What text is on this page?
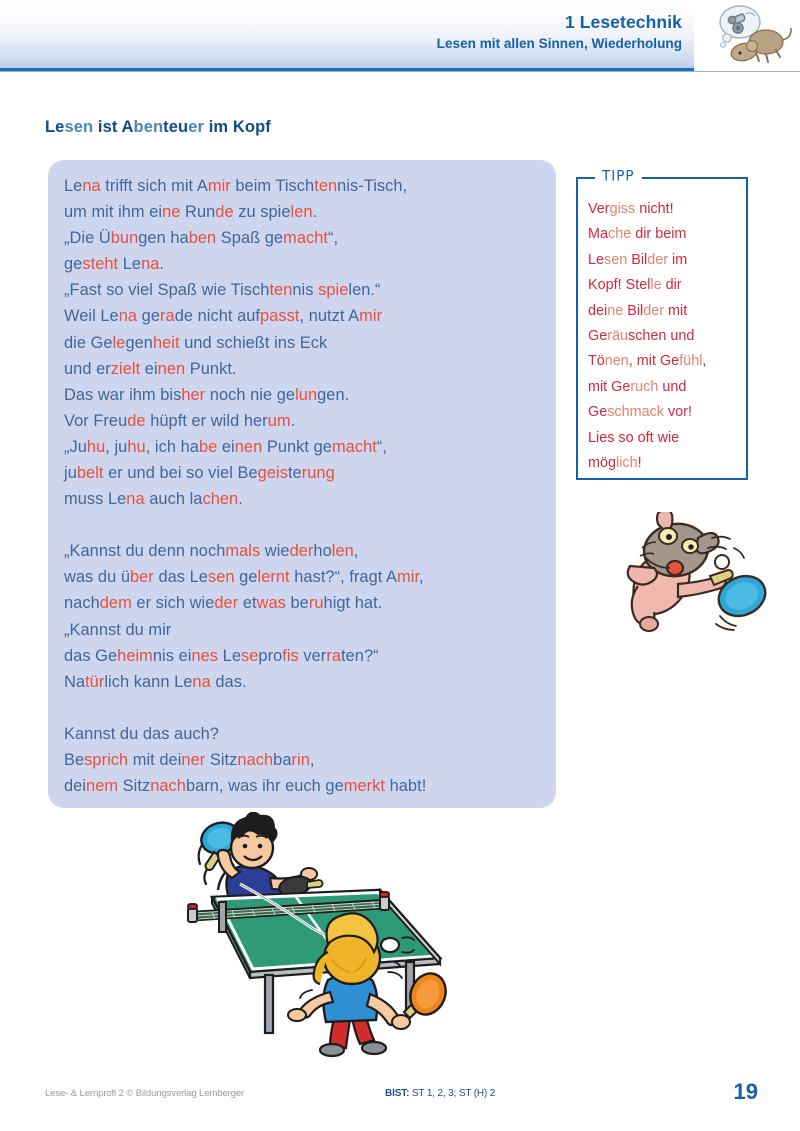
1 Lesetechnik
Lesen mit allen Sinnen, Wiederholung
Lesen ist Abenteuer im Kopf
Lena trifft sich mit Amir beim Tischtennis-Tisch,
um mit ihm eine Runde zu spielen.
„Die Übungen haben Spaß gemacht“,
gesteht Lena.
„Fast so viel Spaß wie Tischtennis spielen.“
Weil Lena gerade nicht aufpasst, nutzt Amir
die Gelegenheit und schießt ins Eck
und erzielt einen Punkt.
Das war ihm bisher noch nie gelungen.
Vor Freude hüpft er wild herum.
„Juhu, juhu, ich habe einen Punkt gemacht“,
jubelt er und bei so viel Begeisterung
muss Lena auch lachen.
„Kannst du denn nochmals wiederholen,
was du über das Lesen gelernt hast?“, fragt Amir,
nachdem er sich wieder etwas beruhigt hat.
„Kannst du mir
das Geheimnis eines Leseprofis verraten?“
Natürlich kann Lena das.
Kannst du das auch?
Besprich mit deiner Sitznachbarin,
deinem Sitznachbarn, was ihr euch gemerkt habt!
Vergiss nicht!
Mache dir beim
Lesen Bilder im
Kopf! Stelle dir
deine Bilder mit
Geräuschen und
Tönen, mit Gefühl,
mit Geruch und
Geschmack vor!
Lies so oft wie
möglich!
TIPP
Lese- & Lernprofi 2 © Bildungsverlag Lemberger	BIST: ST 1, 2, 3; ST (H) 2	19
